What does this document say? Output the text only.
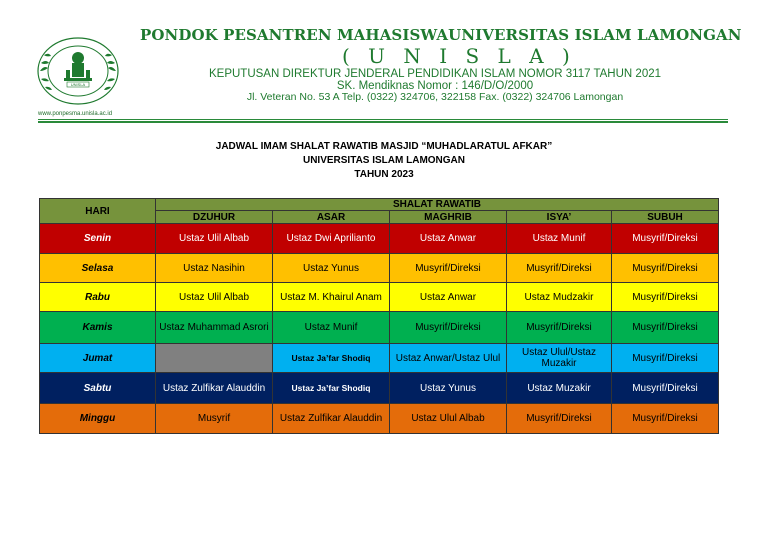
UNISLA
www.ponpesma.unisla.ac.id
PONDOK PESANTREN MAHASISWAUNIVERSITAS ISLAM LAMONGAN
( U N I S L A )
KEPUTUSAN DIREKTUR JENDERAL PENDIDIKAN ISLAM NOMOR 3117 TAHUN 2021
SK. Mendiknas Nomor : 146/D/O/2000
Jl. Veteran No. 53 A Telp. (0322) 324706, 322158 Fax. (0322) 324706 Lamongan
JADWAL IMAM SHALAT RAWATIB MASJID “MUHADLARATUL AFKAR”
UNIVERSITAS ISLAM LAMONGAN
TAHUN 2023
HARI	SHALAT RAWATIB				
	DZUHUR	ASAR	MAGHRIB	ISYA’	SUBUH
Senin	Ustaz Ulil Albab	Ustaz Dwi Aprilianto	Ustaz Anwar	Ustaz Munif	Musyrif/Direksi
Selasa	Ustaz Nasihin	Ustaz Yunus	Musyrif/Direksi	Musyrif/Direksi	Musyrif/Direksi
Rabu	Ustaz Ulil Albab	Ustaz M. Khairul Anam	Ustaz Anwar	Ustaz Mudzakir	Musyrif/Direksi
Kamis	Ustaz Muhammad Asrori	Ustaz Munif	Musyrif/Direksi	Musyrif/Direksi	Musyrif/Direksi
Jumat		Ustaz Ja’far Shodiq	Ustaz Anwar/Ustaz Ulul	Ustaz Ulul/Ustaz Muzakir	Musyrif/Direksi
Sabtu	Ustaz Zulfikar Alauddin	Ustaz Ja’far Shodiq	Ustaz Yunus	Ustaz Muzakir	Musyrif/Direksi
Minggu	Musyrif	Ustaz Zulfikar Alauddin	Ustaz Ulul Albab	Musyrif/Direksi	Musyrif/Direksi
